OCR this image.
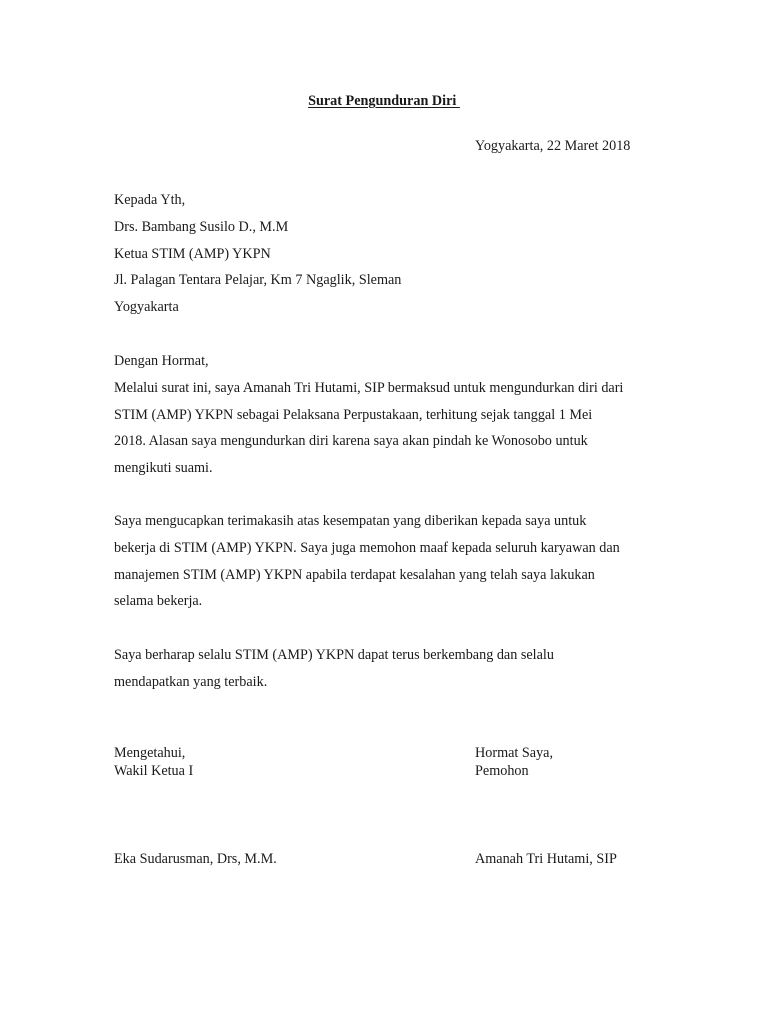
Surat Pengunduran Diri
Yogyakarta, 22 Maret 2018
Kepada Yth,
Drs. Bambang Susilo D., M.M
Ketua STIM (AMP) YKPN
Jl. Palagan Tentara Pelajar, Km 7 Ngaglik, Sleman
Yogyakarta
Dengan Hormat,
Melalui surat ini, saya Amanah Tri Hutami, SIP bermaksud untuk mengundurkan diri dari
STIM (AMP) YKPN sebagai Pelaksana Perpustakaan, terhitung sejak tanggal 1 Mei
2018. Alasan saya mengundurkan diri karena saya akan pindah ke Wonosobo untuk
mengikuti suami.
Saya mengucapkan terimakasih atas kesempatan yang diberikan kepada saya untuk
bekerja di STIM (AMP) YKPN. Saya juga memohon maaf kepada seluruh karyawan dan
manajemen STIM (AMP) YKPN apabila terdapat kesalahan yang telah saya lakukan
selama bekerja.
Saya berharap selalu STIM (AMP) YKPN dapat terus berkembang dan selalu
mendapatkan yang terbaik.
Mengetahui,
Wakil Ketua I
Hormat Saya,
Pemohon
Eka Sudarusman, Drs, M.M.	Amanah Tri Hutami, SIP
